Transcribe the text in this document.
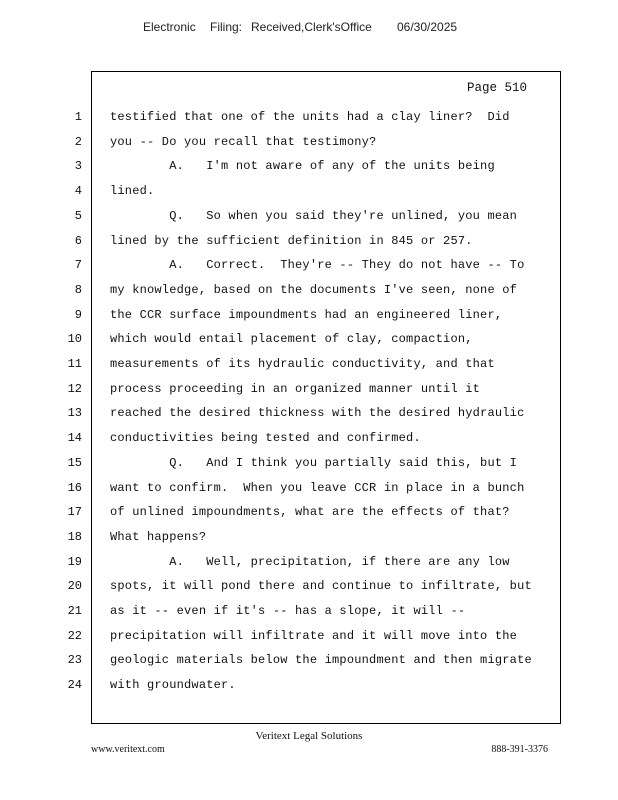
Electronic Filing: Received,Clerk'sOffice 06/30/2025
Page 510
1 testified that one of the units had a clay liner?  Did
2 you -- Do you recall that testimony?
3 A.   I'm not aware of any of the units being
4 lined.
5 Q.   So when you said they're unlined, you mean
6 lined by the sufficient definition in 845 or 257.
7 A.   Correct.  They're -- They do not have -- To
8 my knowledge, based on the documents I've seen, none of
9 the CCR surface impoundments had an engineered liner,
10 which would entail placement of clay, compaction,
11 measurements of its hydraulic conductivity, and that
12 process proceeding in an organized manner until it
13 reached the desired thickness with the desired hydraulic
14 conductivities being tested and confirmed.
15 Q.   And I think you partially said this, but I
16 want to confirm.  When you leave CCR in place in a bunch
17 of unlined impoundments, what are the effects of that?
18 What happens?
19 A.   Well, precipitation, if there are any low
20 spots, it will pond there and continue to infiltrate, but
21 as it -- even if it's -- has a slope, it will --
22 precipitation will infiltrate and it will move into the
23 geologic materials below the impoundment and then migrate
24 with groundwater.
Veritext Legal Solutions
www.veritext.com	888-391-3376
